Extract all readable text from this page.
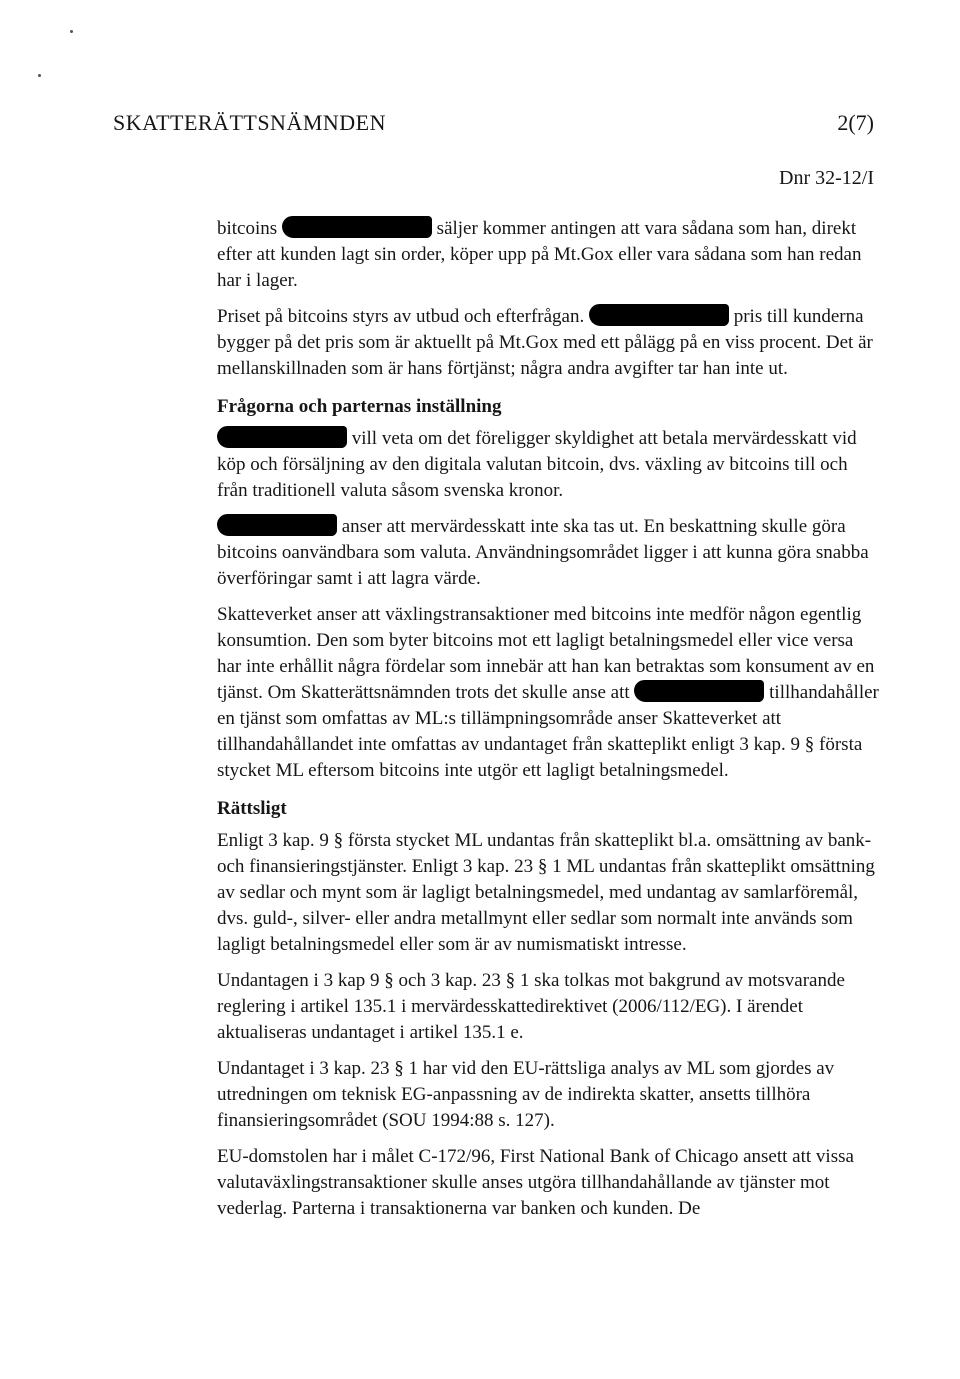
SKATTERÄTTSNÄMNDEN	2(7)
Dnr 32-12/I

bitcoins	säljer kommer antingen att vara sådana som han, direkt efter att kunden lagt sin order, köper upp på Mt.Gox eller vara sådana som han redan har i lager.

Priset på bitcoins styrs av utbud och efterfrågan.	pris till kunderna bygger på det pris som är aktuellt på Mt.Gox med ett pålägg på en viss procent. Det är mellanskillnaden som är hans förtjänst; några andra avgifter tar han inte ut.

Frågorna och parternas inställning

vill veta om det föreligger skyldighet att betala mervärdesskatt vid köp och försäljning av den digitala valutan bitcoin, dvs. växling av bitcoins till och från traditionell valuta såsom svenska kronor.

anser att mervärdesskatt inte ska tas ut. En beskattning skulle göra bitcoins oanvändbara som valuta. Användningsområdet ligger i att kunna göra snabba överföringar samt i att lagra värde.

Skatteverket anser att växlingstransaktioner med bitcoins inte medför någon egentlig konsumtion. Den som byter bitcoins mot ett lagligt betalningsmedel eller vice versa har inte erhållit några fördelar som innebär att han kan betraktas som konsument av en tjänst. Om Skatterättsnämnden trots det skulle anse att	tillhandahåller en tjänst som omfattas av ML:s tillämpningsområde anser Skatteverket att tillhandahållandet inte omfattas av undantaget från skatteplikt enligt 3 kap. 9 § första stycket ML eftersom bitcoins inte utgör ett lagligt betalningsmedel.

Rättsligt

Enligt 3 kap. 9 § första stycket ML undantas från skatteplikt bl.a. omsättning av bank- och finansieringstjänster. Enligt 3 kap. 23 § 1 ML undantas från skatteplikt omsättning av sedlar och mynt som är lagligt betalningsmedel, med undantag av samlarföremål, dvs. guld-, silver- eller andra metallmynt eller sedlar som normalt inte används som lagligt betalningsmedel eller som är av numismatiskt intresse.

Undantagen i 3 kap 9 § och 3 kap. 23 § 1 ska tolkas mot bakgrund av motsvarande reglering i artikel 135.1 i mervärdesskattedirektivet (2006/112/EG). I ärendet aktualiseras undantaget i artikel 135.1 e.

Undantaget i 3 kap. 23 § 1 har vid den EU-rättsliga analys av ML som gjordes av utredningen om teknisk EG-anpassning av de indirekta skatter, ansetts tillhöra finansieringsområdet (SOU 1994:88 s. 127).

EU-domstolen har i målet C-172/96, First National Bank of Chicago ansett att vissa valutaväxlingstransaktioner skulle anses utgöra tillhandahållande av tjänster mot vederlag. Parterna i transaktionerna var banken och kunden. De
